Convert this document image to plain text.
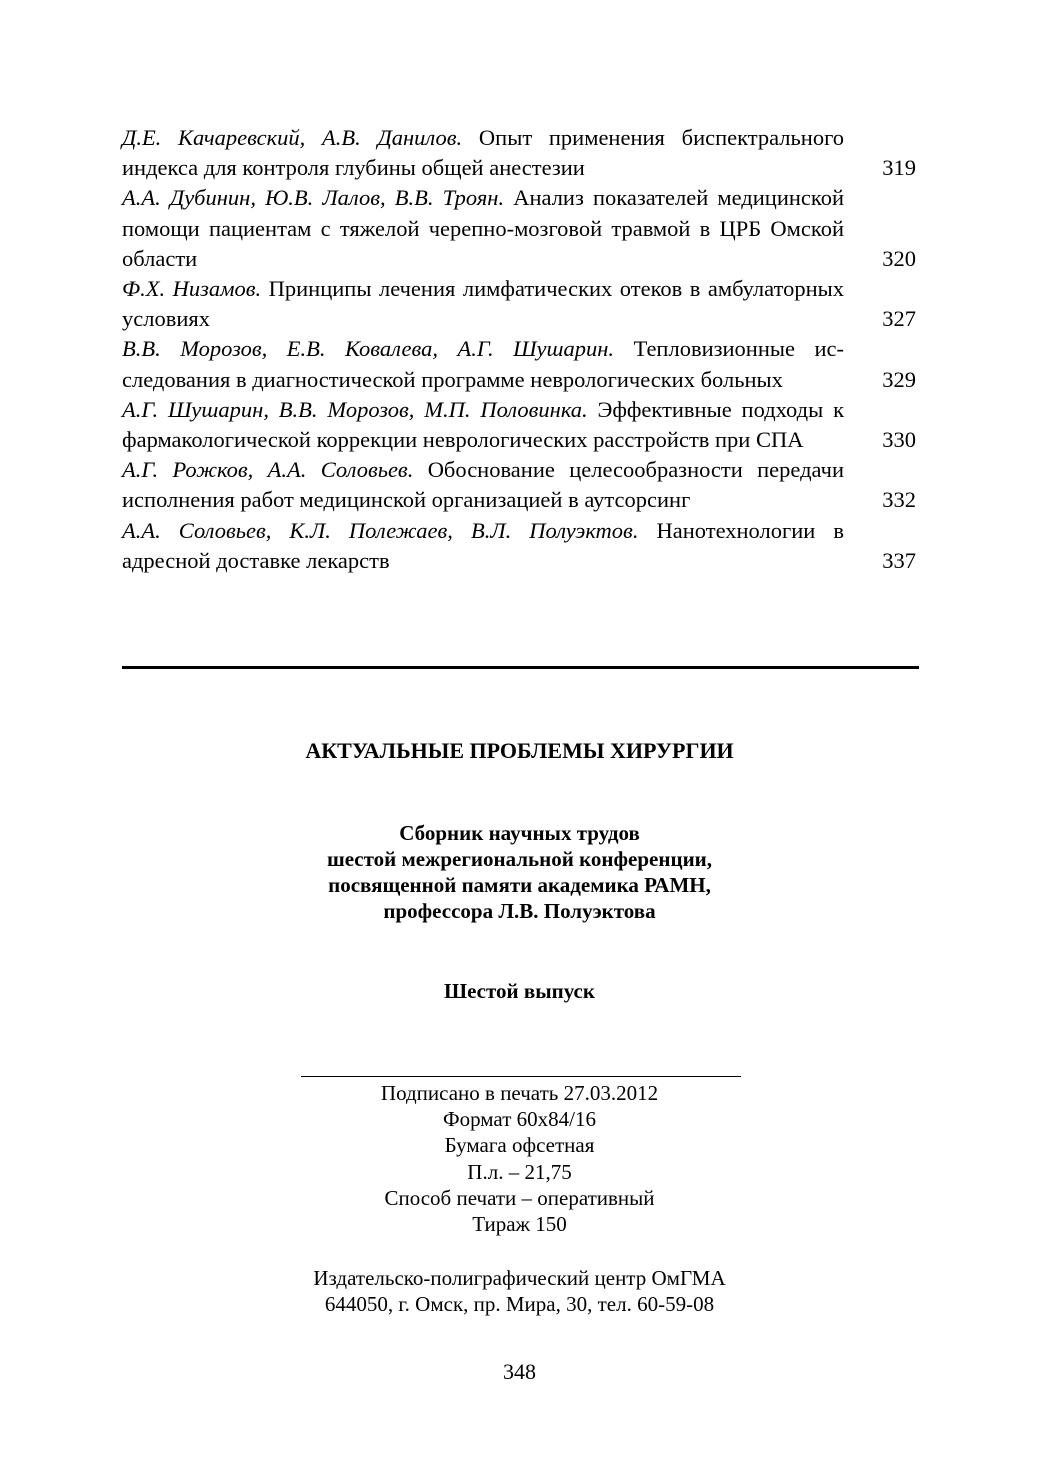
Д.Е. Качаревский, А.В. Данилов. Опыт применения биспектрального индекса для контроля глубины общей анестезии	319
А.А. Дубинин, Ю.В. Лалов, В.В. Троян. Анализ показателей медицинской помощи пациентам с тяжелой черепно-мозговой травмой в ЦРБ Омской области	320
Ф.Х. Низамов. Принципы лечения лимфатических отеков в амбулаторных условиях	327
В.В. Морозов, Е.В. Ковалева, А.Г. Шушарин. Тепловизионные исследования в диагностической программе неврологических больных	329
А.Г. Шушарин, В.В. Морозов, М.П. Половинка. Эффективные подходы к фармакологической коррекции неврологических расстройств при СПА	330
А.Г. Рожков, А.А. Соловьев. Обоснование целесообразности передачи исполнения работ медицинской организацией в аутсорсинг	332
А.А. Соловьев, К.Л. Полежаев, В.Л. Полуэктов. Нанотехнологии в адресной доставке лекарств	337
АКТУАЛЬНЫЕ ПРОБЛЕМЫ ХИРУРГИИ
Сборник научных трудов
шестой межрегиональной конференции,
посвященной памяти академика РАМН,
профессора Л.В. Полуэктова
Шестой выпуск
Подписано в печать 27.03.2012
Формат 60х84/16
Бумага офсетная
П.л. – 21,75
Способ печати – оперативный
Тираж 150
Издательско-полиграфический центр ОмГМА
644050, г. Омск, пр. Мира, 30, тел. 60-59-08
348
